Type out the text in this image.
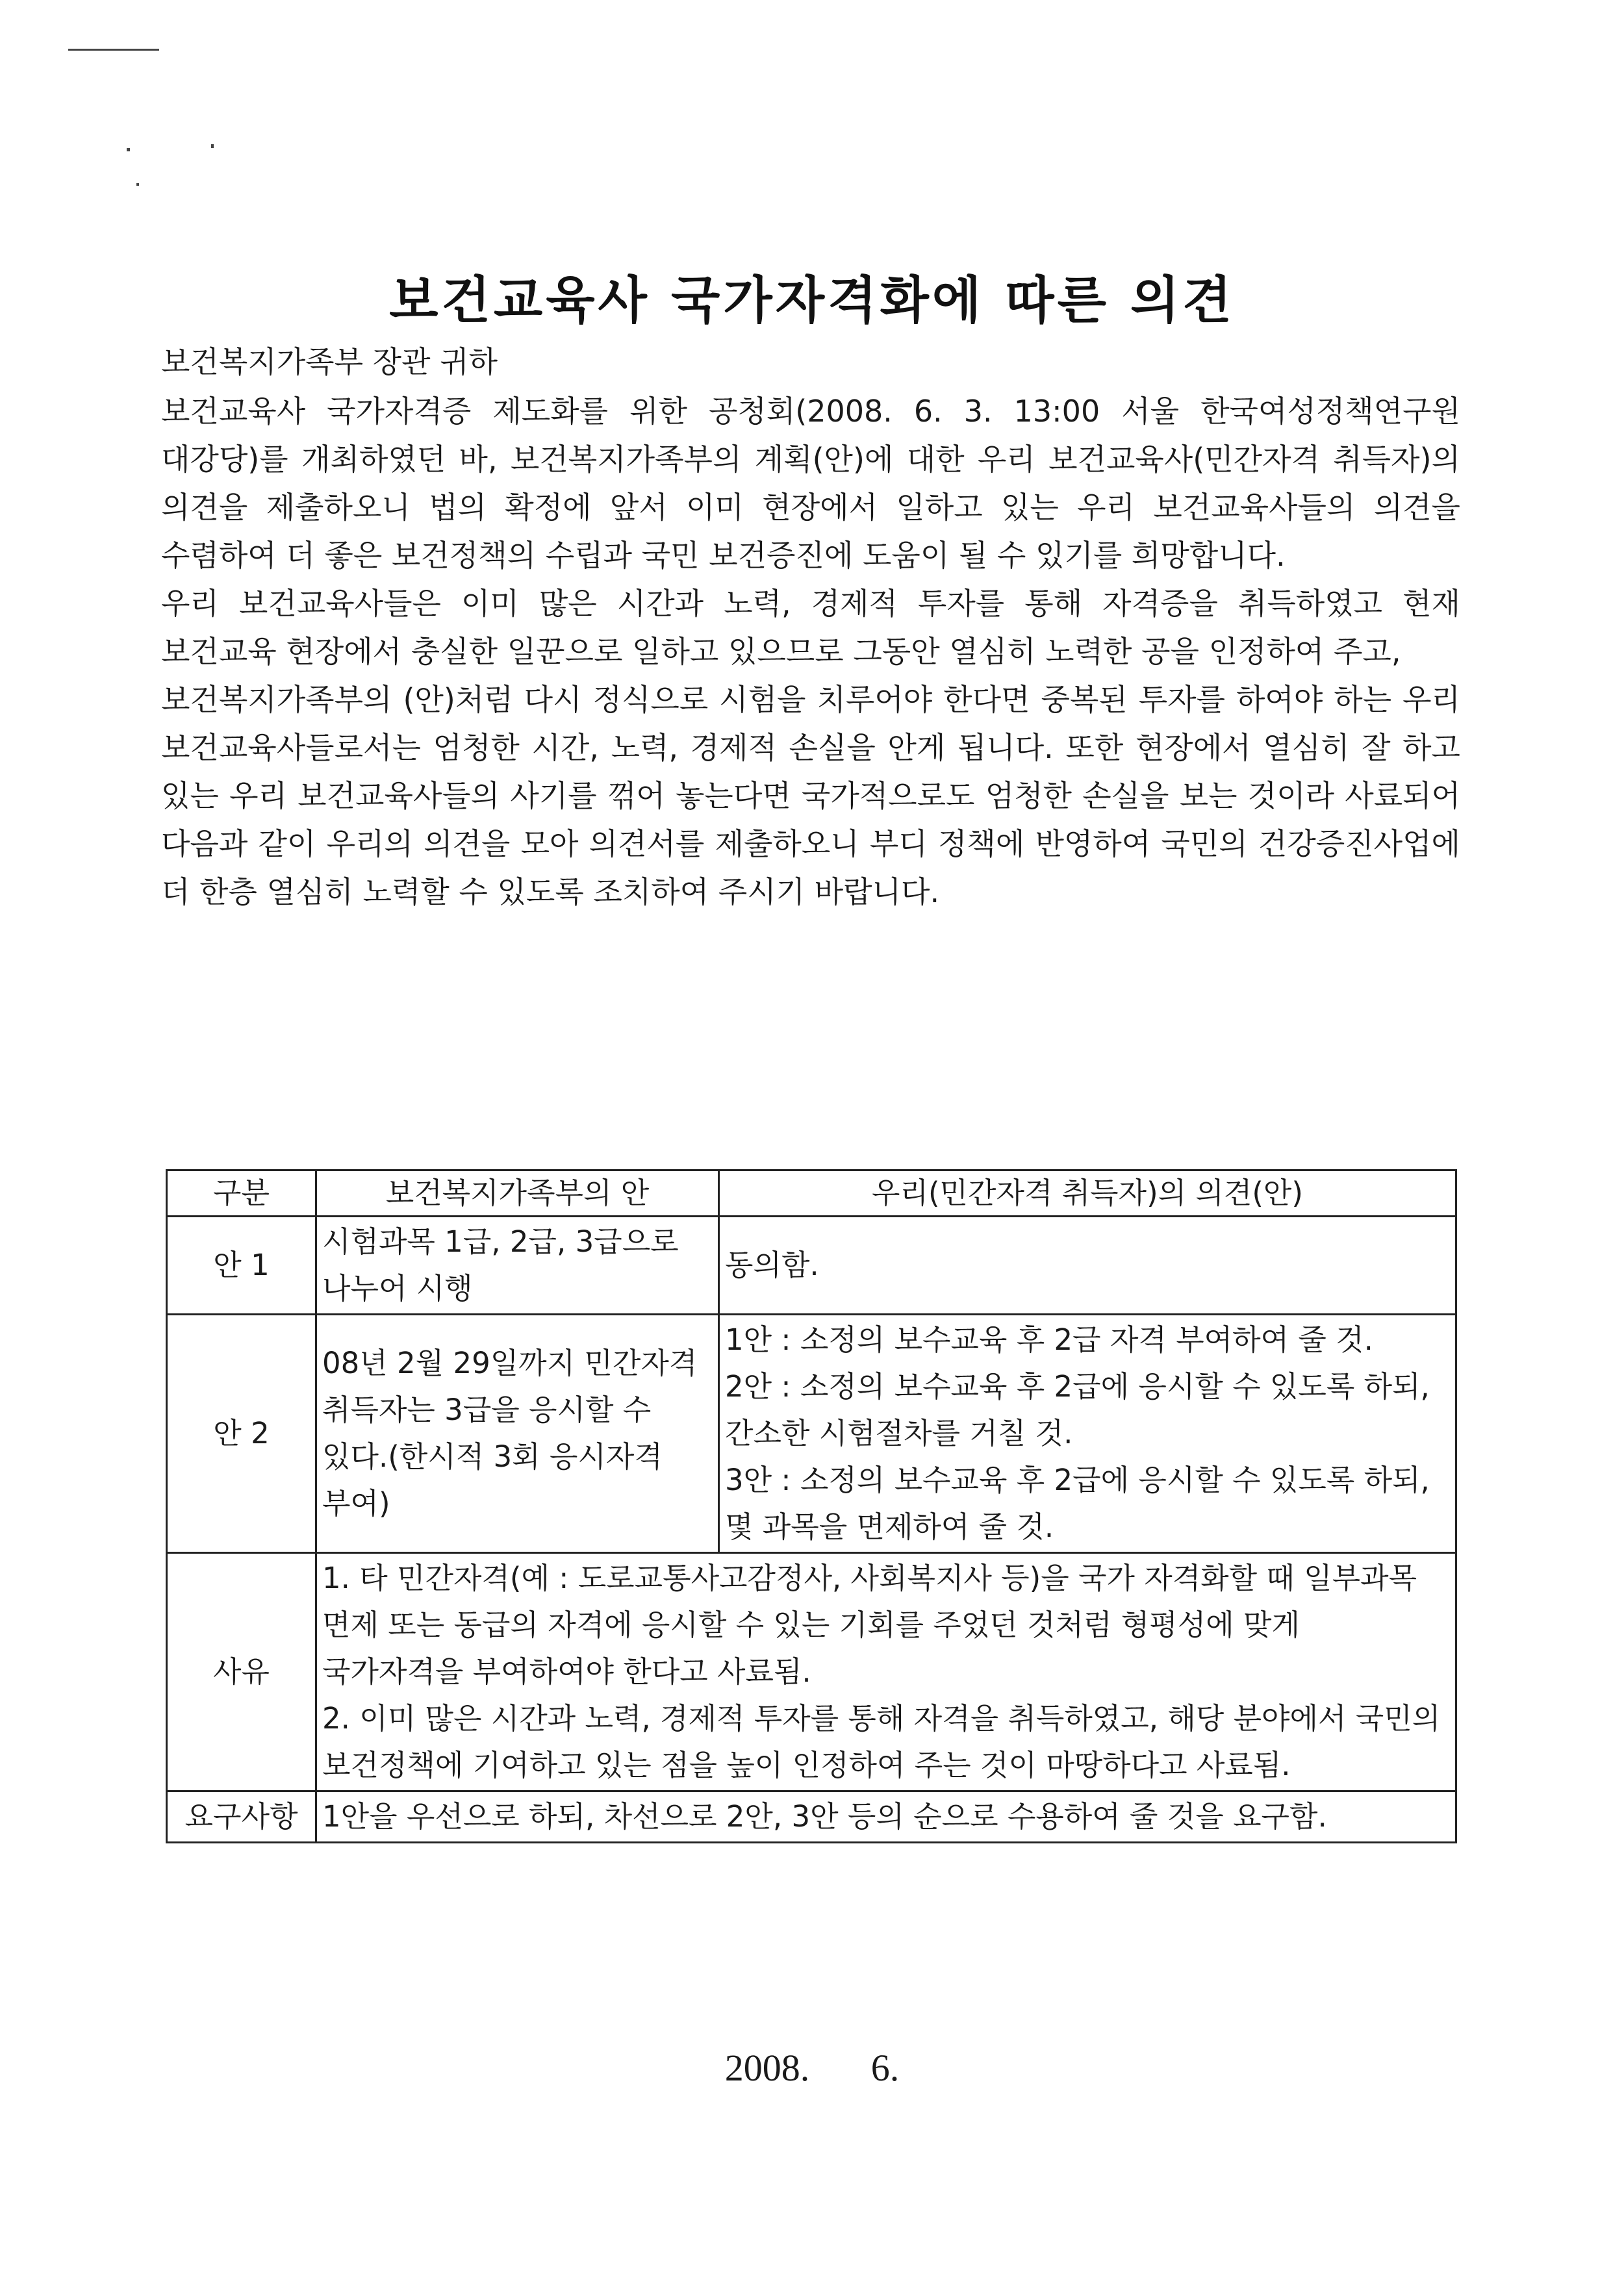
보건교육사 국가자격화에 따른 의견

보건복지가족부 장관 귀하

보건교육사 국가자격증 제도화를 위한 공청회(2008. 6. 3. 13:00 서울 한국여성정책연구원 대강당)를 개최하였던 바, 보건복지가족부의 계획(안)에 대한 우리 보건교육사(민간자격 취득자)의 의견을 제출하오니 법의 확정에 앞서 이미 현장에서 일하고 있는 우리 보건교육사들의 의견을 수렴하여 더 좋은 보건정책의 수립과 국민 보건증진에 도움이 될 수 있기를 희망합니다.

우리 보건교육사들은 이미 많은 시간과 노력, 경제적 투자를 통해 자격증을 취득하였고 현재 보건교육 현장에서 충실한 일꾼으로 일하고 있으므로 그동안 열심히 노력한 공을 인정하여 주고,

보건복지가족부의 (안)처럼 다시 정식으로 시험을 치루어야 한다면 중복된 투자를 하여야 하는 우리 보건교육사들로서는 엄청한 시간, 노력, 경제적 손실을 안게 됩니다. 또한 현장에서 열심히 잘 하고 있는 우리 보건교육사들의 사기를 꺾어 놓는다면 국가적으로도 엄청한 손실을 보는 것이라 사료되어 다음과 같이 우리의 의견을 모아 의견서를 제출하오니 부디 정책에 반영하여 국민의 건강증진사업에 더 한층 열심히 노력할 수 있도록 조치하여 주시기 바랍니다.

구분	보건복지가족부의 안	우리(민간자격 취득자)의 의견(안)
안 1	시험과목 1급, 2급, 3급으로 나누어 시행	동의함.
안 2	08년 2월 29일까지 민간자격 취득자는 3급을 응시할 수 있다.(한시적 3회 응시자격 부여)	1안 : 소정의 보수교육 후 2급 자격 부여하여 줄 것.
2안 : 소정의 보수교육 후 2급에 응시할 수 있도록 하되, 간소한 시험절차를 거칠 것.
3안 : 소정의 보수교육 후 2급에 응시할 수 있도록 하되, 몇 과목을 면제하여 줄 것.

사유	1. 타 민간자격(예 : 도로교통사고감정사, 사회복지사 등)을 국가 자격화할 때 일부과목 면제 또는 동급의 자격에 응시할 수 있는 기회를 주었던 것처럼 형평성에 맞게 국가자격을 부여하여야 한다고 사료됨.
2. 이미 많은 시간과 노력, 경제적 투자를 통해 자격을 취득하였고, 해당 분야에서 국민의 보건정책에 기여하고 있는 점을 높이 인정하여 주는 것이 마땅하다고 사료됨.	

요구사항	1안을 우선으로 하되, 차선으로 2안, 3안 등의 순으로 수용하여 줄 것을 요구함.	
2008. 6.
